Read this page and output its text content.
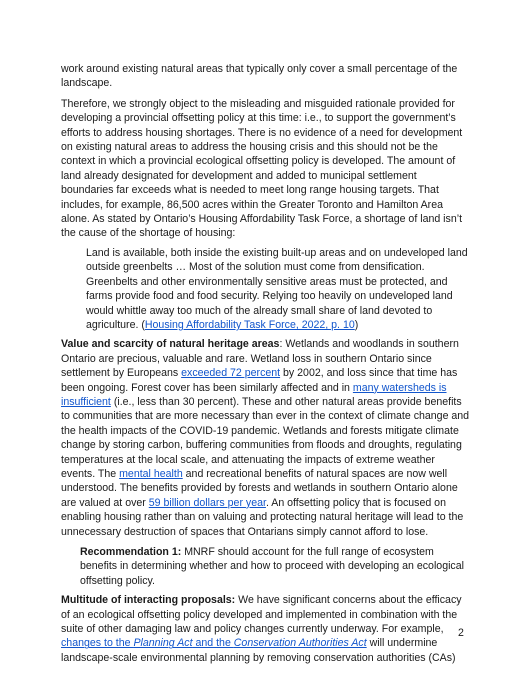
work around existing natural areas that typically only cover a small percentage of the landscape.

Therefore, we strongly object to the misleading and misguided rationale provided for developing a provincial offsetting policy at this time: i.e., to support the government’s efforts to address housing shortages. There is no evidence of a need for development on existing natural areas to address the housing crisis and this should not be the context in which a provincial ecological offsetting policy is developed. The amount of land already designated for development and added to municipal settlement boundaries far exceeds what is needed to meet long range housing targets. That includes, for example, 86,500 acres within the Greater Toronto and Hamilton Area alone. As stated by Ontario’s Housing Affordability Task Force, a shortage of land isn’t the cause of the shortage of housing:

Land is available, both inside the existing built-up areas and on undeveloped land outside greenbelts … Most of the solution must come from densification. Greenbelts and other environmentally sensitive areas must be protected, and farms provide food and food security. Relying too heavily on undeveloped land would whittle away too much of the already small share of land devoted to agriculture. (Housing Affordability Task Force, 2022, p. 10)

Value and scarcity of natural heritage areas: Wetlands and woodlands in southern Ontario are precious, valuable and rare. Wetland loss in southern Ontario since settlement by Europeans exceeded 72 percent by 2002, and loss since that time has been ongoing. Forest cover has been similarly affected and in many watersheds is insufficient (i.e., less than 30 percent). These and other natural areas provide benefits to communities that are more necessary than ever in the context of climate change and the health impacts of the COVID-19 pandemic. Wetlands and forests mitigate climate change by storing carbon, buffering communities from floods and droughts, regulating temperatures at the local scale, and attenuating the impacts of extreme weather events. The mental health and recreational benefits of natural spaces are now well understood. The benefits provided by forests and wetlands in southern Ontario alone are valued at over 59 billion dollars per year. An offsetting policy that is focused on enabling housing rather than on valuing and protecting natural heritage will lead to the unnecessary destruction of spaces that Ontarians simply cannot afford to lose.

Recommendation 1: MNRF should account for the full range of ecosystem benefits in determining whether and how to proceed with developing an ecological offsetting policy.

Multitude of interacting proposals: We have significant concerns about the efficacy of an ecological offsetting policy developed and implemented in combination with the suite of other damaging law and policy changes currently underway. For example, changes to the Planning Act and the Conservation Authorities Act will undermine landscape-scale environmental planning by removing conservation authorities (CAs)

2
